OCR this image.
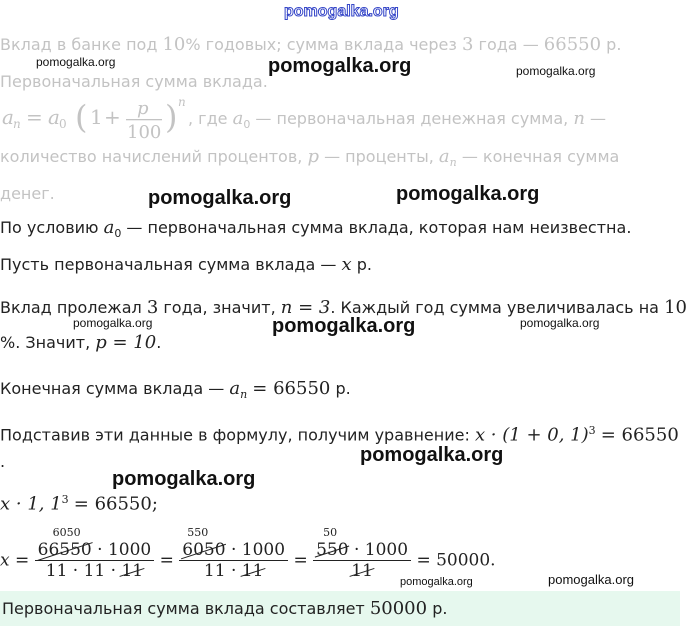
pomogalka.org
Вклад в банке под 10% годовых; сумма вклада через 3 года — 66550 р.
Первоначальная сумма вклада.
a n = a 0 ( 1 + p
100 ) n
, где $a_0$ — первоначальная денежная сумма, n —
количество начислений процентов, p — проценты, $a_n$ — конечная сумма
денег.
По условию $a_0$ — первоначальная сумма вклада, которая нам неизвестна.
Пусть первоначальная сумма вклада — x р.
Вклад пролежал 3 года, значит, n = 3. Каждый год сумма увеличивалась на 10
%. Значит, p = 10.
Конечная сумма вклада — $a_n = 66550$ р.
Подставив эти данные в формулу, получим уравнение: x · (1 + 0, 1)$^3$ = 66550
.
x · 1, $1^3 = 66550$;
x =
6050
66550 · 1000
11 · 11 · 11
=
550
6050 · 1000
11 · 11
=
50
550 · 1000
11
= 50000.
Первоначальная сумма вклада составляет 50000 р.
pomogalka.org	pomogalka.org	pomogalka.org
pomogalka.org	pomogalka.org
pomogalka.org	pomogalka.org	pomogalka.org
pomogalka.org
pomogalka.org
pomogalka.org	pomogalka.org
